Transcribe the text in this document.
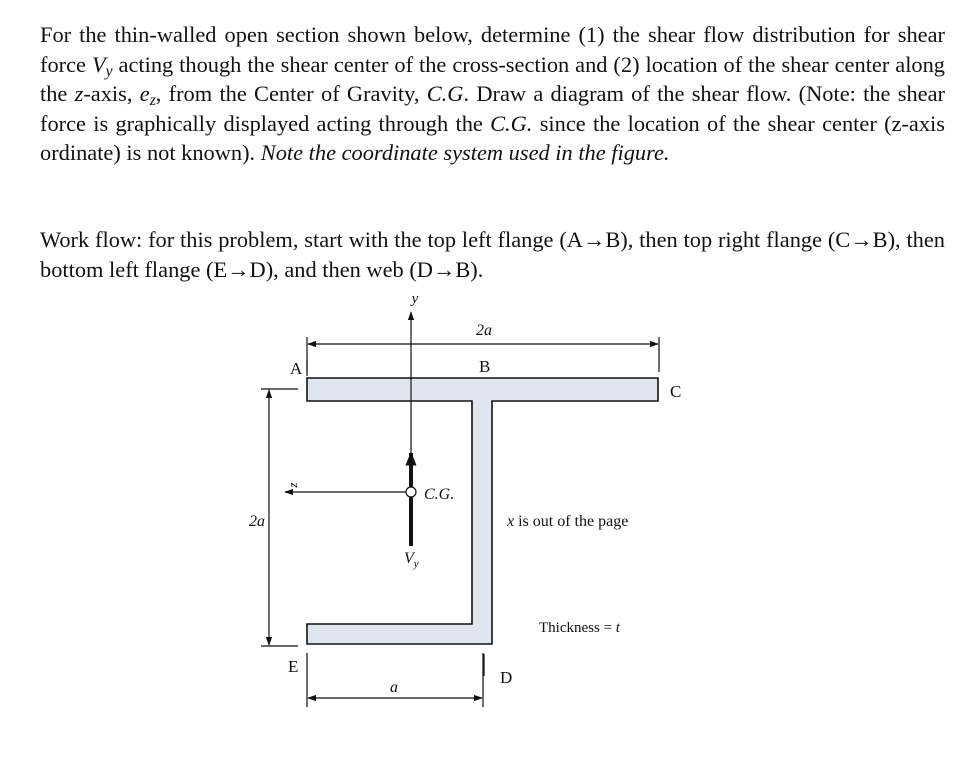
For the thin-walled open section shown below, determine (1) the shear flow distribution for shear force $V_y$ acting though the shear center of the cross-section and (2) location of the shear center along the z-axis, $e_z$, from the Center of Gravity, C.G. Draw a diagram of the shear flow. (Note: the shear force is graphically displayed acting through the C.G. since the location of the shear center (z-axis ordinate) is not known). Note the coordinate system used in the figure.

Work flow: for this problem, start with the top left flange (A→B), then top right flange (C→B), then bottom left flange (E→D), and then web (D→B).

2a
2a
a
y
z
C.G.
$V_y$
A	B
C
D
E
x is out of the page
Thickness = t
